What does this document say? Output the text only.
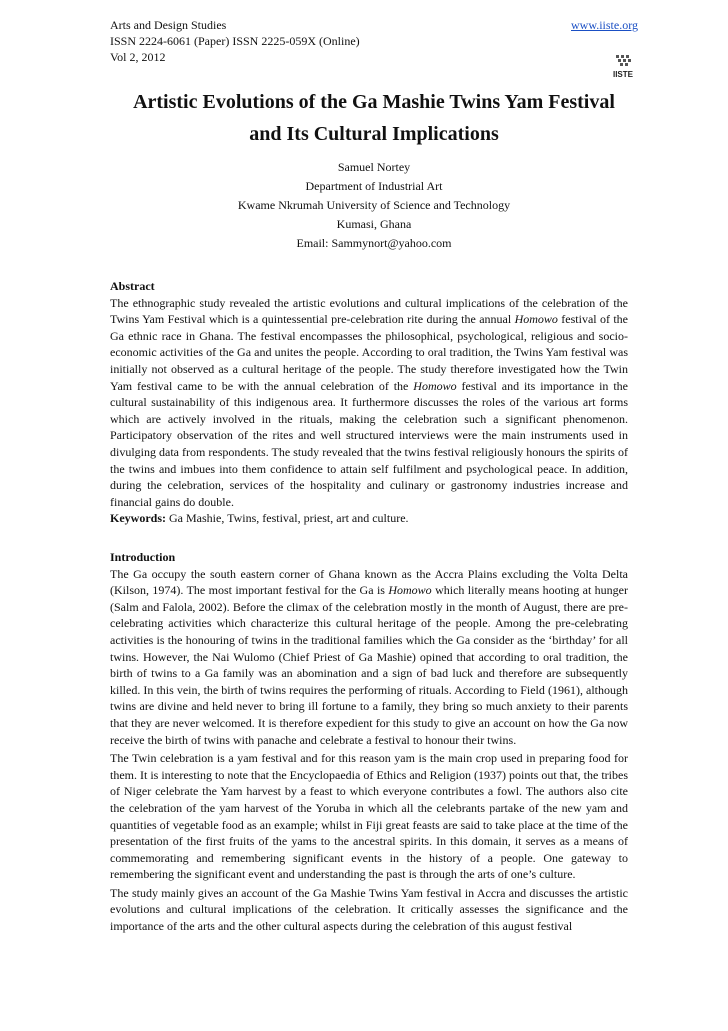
Arts and Design Studies	www.iiste.org
ISSN 2224-6061 (Paper) ISSN 2225-059X (Online)
Vol 2, 2012
IISTE
Artistic Evolutions of the Ga Mashie Twins Yam Festival
and Its Cultural Implications
Samuel Nortey
Department of Industrial Art
Kwame Nkrumah University of Science and Technology
Kumasi, Ghana
Email: Sammynort@yahoo.com

Abstract

The ethnographic study revealed the artistic evolutions and cultural implications of the celebration of the Twins Yam Festival which is a quintessential pre-celebration rite during the annual Homowo festival of the Ga ethnic race in Ghana. The festival encompasses the philosophical, psychological, religious and socio-economic activities of the Ga and unites the people. According to oral tradition, the Twins Yam festival was initially not observed as a cultural heritage of the people. The study therefore investigated how the Twin Yam festival came to be with the annual celebration of the Homowo festival and its importance in the cultural sustainability of this indigenous area. It furthermore discusses the roles of the various art forms which are actively involved in the rituals, making the celebration such a significant phenomenon. Participatory observation of the rites and well structured interviews were the main instruments used in divulging data from respondents. The study revealed that the twins festival religiously honours the spirits of the twins and imbues into them confidence to attain self fulfilment and psychological peace. In addition, during the celebration, services of the hospitality and culinary or gastronomy industries increase and financial gains do double.

Keywords: Ga Mashie, Twins, festival, priest, art and culture.

Introduction

The Ga occupy the south eastern corner of Ghana known as the Accra Plains excluding the Volta Delta (Kilson, 1974). The most important festival for the Ga is Homowo which literally means hooting at hunger (Salm and Falola, 2002). Before the climax of the celebration mostly in the month of August, there are pre-celebrating activities which characterize this cultural heritage of the people. Among the pre-celebrating activities is the honouring of twins in the traditional families which the Ga consider as the ‘birthday’ for all twins. However, the Nai Wulomo (Chief Priest of Ga Mashie) opined that according to oral tradition, the birth of twins to a Ga family was an abomination and a sign of bad luck and therefore are subsequently killed. In this vein, the birth of twins requires the performing of rituals. According to Field (1961), although twins are divine and held never to bring ill fortune to a family, they bring so much anxiety to their parents that they are never welcomed. It is therefore expedient for this study to give an account on how the Ga now receive the birth of twins with panache and celebrate a festival to honour their twins.

The Twin celebration is a yam festival and for this reason yam is the main crop used in preparing food for them. It is interesting to note that the Encyclopaedia of Ethics and Religion (1937) points out that, the tribes of Niger celebrate the Yam harvest by a feast to which everyone contributes a fowl. The authors also cite the celebration of the yam harvest of the Yoruba in which all the celebrants partake of the new yam and quantities of vegetable food as an example; whilst in Fiji great feasts are said to take place at the time of the presentation of the first fruits of the yams to the ancestral spirits. In this domain, it serves as a means of commemorating and remembering significant events in the history of a people. One gateway to remembering the significant event and understanding the past is through the arts of one’s culture.

The study mainly gives an account of the Ga Mashie Twins Yam festival in Accra and discusses the artistic evolutions and cultural implications of the celebration. It critically assesses the significance and the importance of the arts and the other cultural aspects during the celebration of this august festival
